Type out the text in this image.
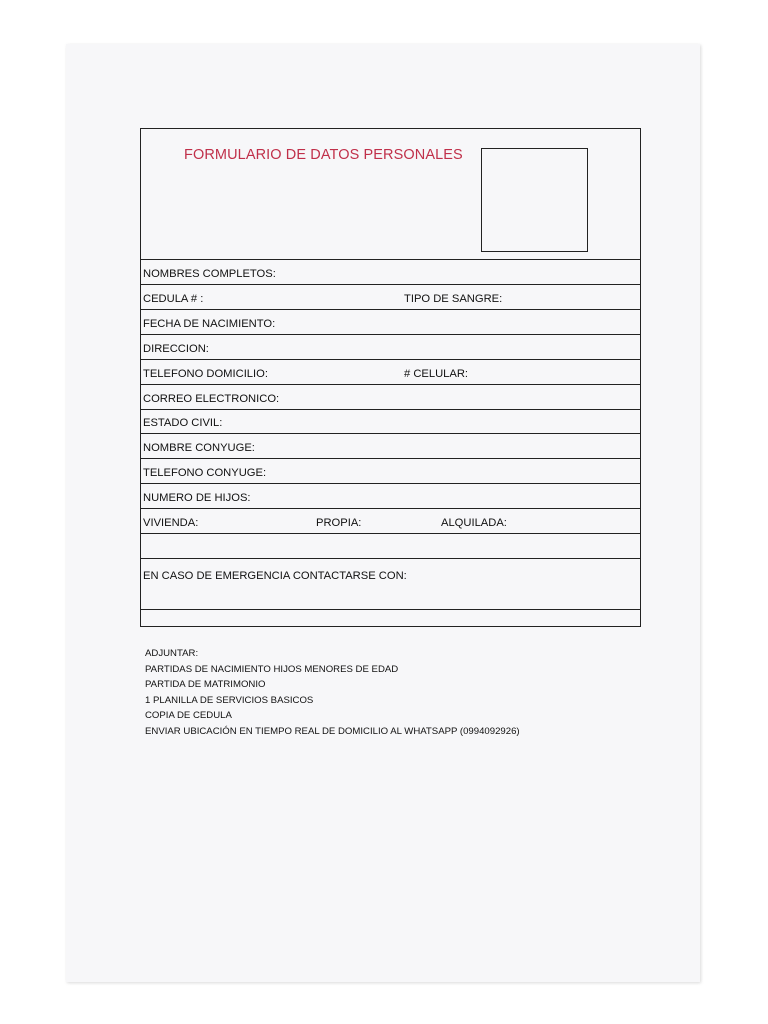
FORMULARIO DE DATOS PERSONALES
NOMBRES COMPLETOS:
CEDULA # :	TIPO DE SANGRE:
FECHA DE NACIMIENTO:
DIRECCION:
TELEFONO DOMICILIO:	# CELULAR:
CORREO ELECTRONICO:
ESTADO CIVIL:
NOMBRE CONYUGE:
TELEFONO CONYUGE:
NUMERO DE HIJOS:
VIVIENDA:	PROPIA:	ALQUILADA:
EN CASO DE EMERGENCIA CONTACTARSE CON:
ADJUNTAR:
PARTIDAS DE NACIMIENTO HIJOS MENORES DE EDAD
PARTIDA DE MATRIMONIO
1 PLANILLA DE SERVICIOS BASICOS
COPIA DE CEDULA
ENVIAR UBICACIÓN EN TIEMPO REAL DE DOMICILIO AL WHATSAPP (0994092926)
